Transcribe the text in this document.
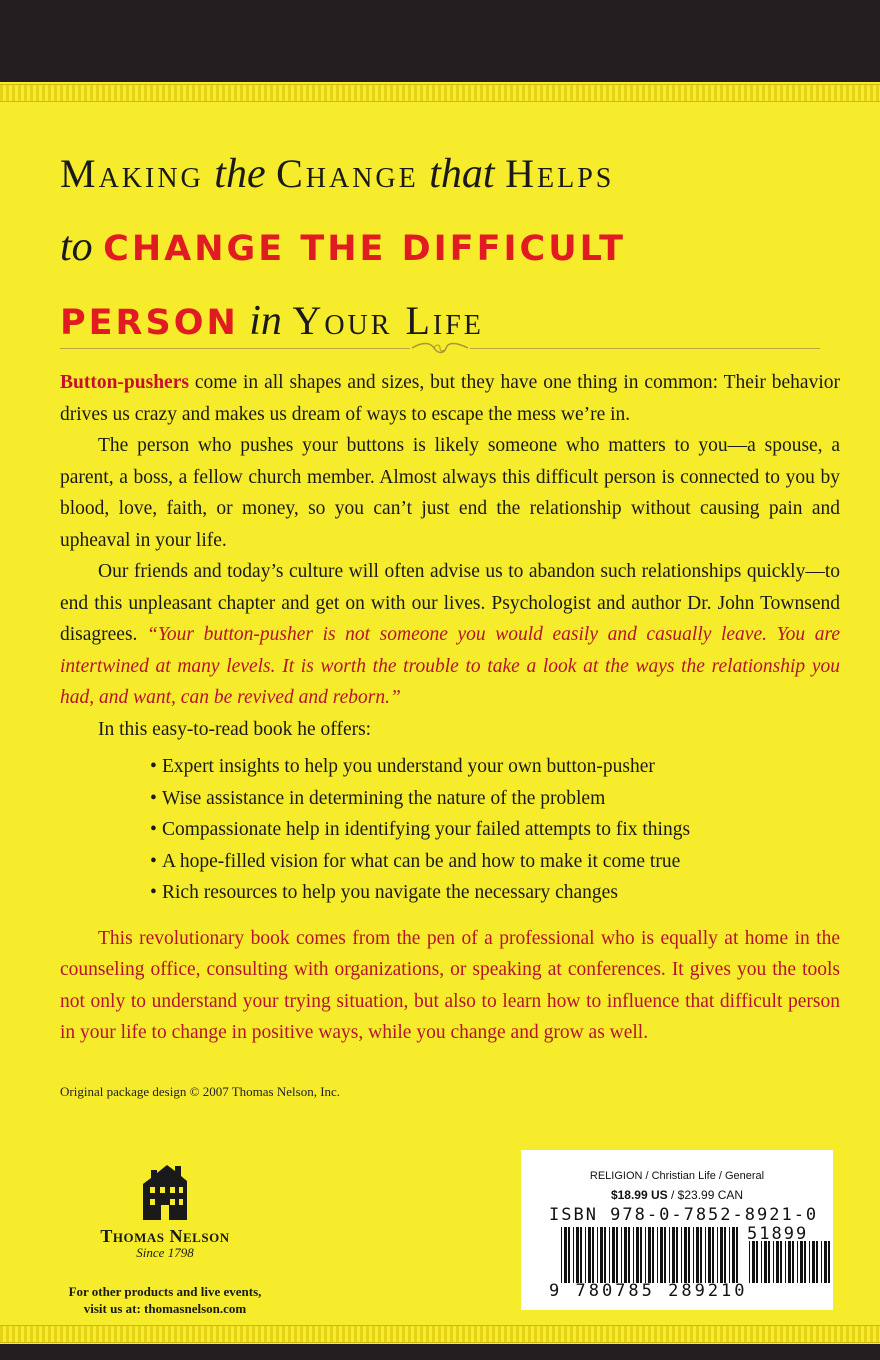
Making the Change that Helps
to CHANGE THE DIFFICULT
PERSON in Your Life

Button-pushers come in all shapes and sizes, but they have one thing in common: Their behavior drives us crazy and makes us dream of ways to escape the mess we’re in.

The person who pushes your buttons is likely someone who matters to you—a spouse, a parent, a boss, a fellow church member. Almost always this difficult person is connected to you by blood, love, faith, or money, so you can’t just end the relationship without causing pain and upheaval in your life.

Our friends and today’s culture will often advise us to abandon such relationships quickly—to end this unpleasant chapter and get on with our lives. Psychologist and author Dr. John Townsend disagrees. “Your button-pusher is not someone you would easily and casually leave. You are intertwined at many levels. It is worth the trouble to take a look at the ways the relationship you had, and want, can be revived and reborn.”

In this easy-to-read book he offers:

• Expert insights to help you understand your own button-pusher
• Wise assistance in determining the nature of the problem
• Compassionate help in identifying your failed attempts to fix things
• A hope-filled vision for what can be and how to make it come true
• Rich resources to help you navigate the necessary changes

This revolutionary book comes from the pen of a professional who is equally at home in the counseling office, consulting with organizations, or speaking at conferences. It gives you the tools not only to understand your trying situation, but also to learn how to influence that difficult person in your life to change in positive ways, while you change and grow as well.

Original package design © 2007 Thomas Nelson, Inc.
Thomas Nelson
Since 1798
For other products and live events,
visit us at: thomasnelson.com
RELIGION / Christian Life / General
$18.99 US / $23.99 CAN
ISBN 978-0-7852-8921-0
51899
9 780785 289210
